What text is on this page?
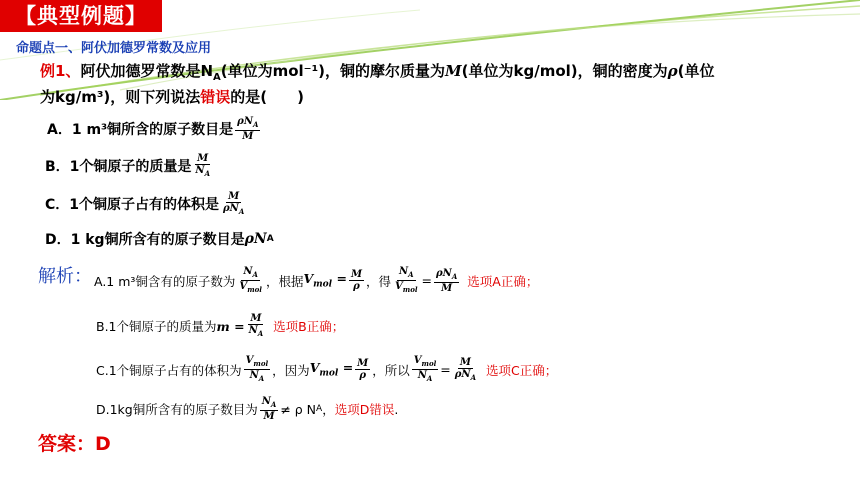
【典型例题】
命题点一、阿伏加德罗常数及应用
例1、阿伏加德罗常数是$N_A$(单位为mol⁻¹)，铜的摩尔质量为M(单位为kg/mol)，铜的密度为ρ(单位
为kg/m³)，则下列说法错误的是(　　)
A．1 m³铜所含的原子数目是 $\frac{\rho N_A}{M}$
B．1个铜原子的质量是 $\frac{M}{N_A}$
C．1个铜原子占有的体积是 $\frac{M}{\rho N_A}$
D．1 kg铜所含有的原子数目是 ρN A
解析： A.1 m³铜含有的原子数为 $\frac{N_A}{V_{mol}}$ ，根据 $V_{mol} = \frac{M}{\rho}$ ，得 $\frac{N_A}{V_{mol}} = \frac{\rho N_A}{M}$ 选项A正确；
B.1个铜原子的质量为 $m = \frac{M}{N_A}$ 选项B正确；
C.1个铜原子占有的体积为 $\frac{V_{mol}}{N_A}$ ，因为 $V_{mol} = \frac{M}{\rho}$ ，所以 $\frac{V_{mol}}{N_A} = \frac{M}{\rho N_A}$ 选项C正确；
D.1kg铜所含有的原子数目为 $\frac{N_A}{M} \ne \rho$ N A ， 选项D错误 .
答案：D
